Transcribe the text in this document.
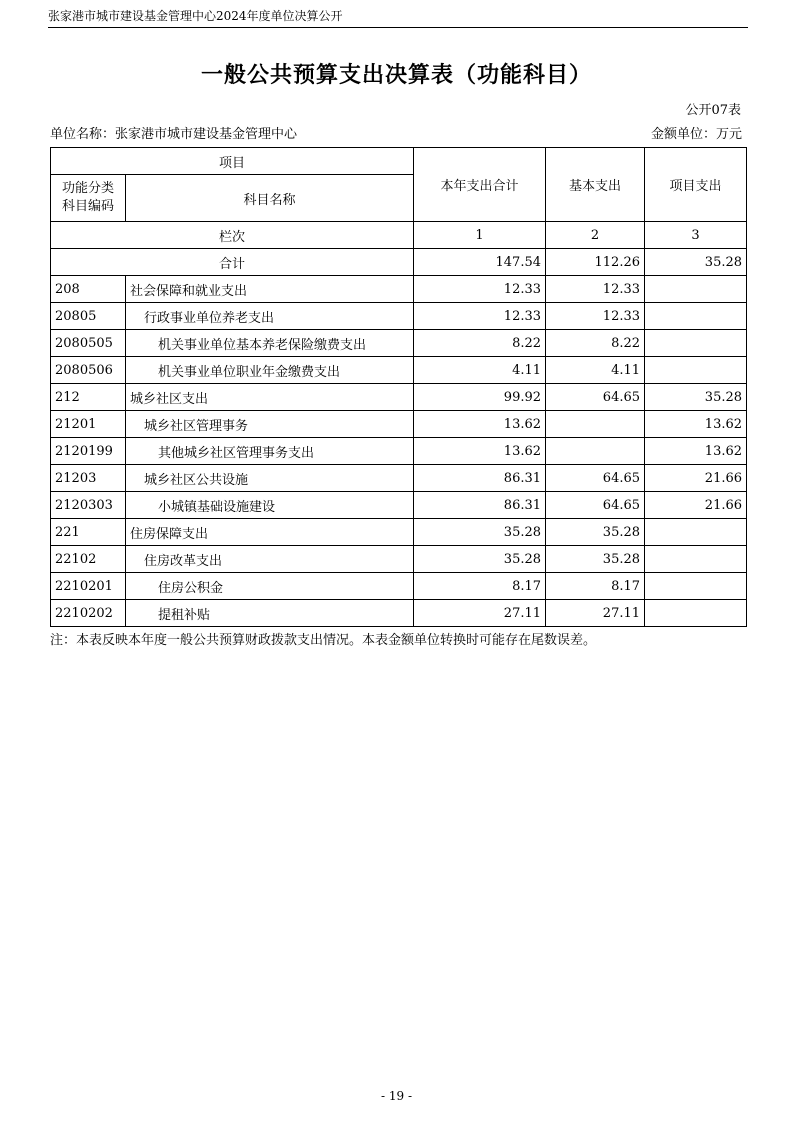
张家港市城市建设基金管理中心2024年度单位决算公开
一般公共预算支出决算表（功能科目）
公开07表
单位名称：张家港市城市建设基金管理中心	金额单位：万元
项目		本年支出合计	基本支出	项目支出

功能分类
科目编码	科目名称			
栏次		1	2	3
合计		147.54	112.26	35.28
208	社会保障和就业支出	12.33	12.33	
20805	行政事业单位养老支出	12.33	12.33	
2080505	机关事业单位基本养老保险缴费支出	8.22	8.22	
2080506	机关事业单位职业年金缴费支出	4.11	4.11	
212	城乡社区支出	99.92	64.65	35.28
21201	城乡社区管理事务	13.62		13.62
2120199	其他城乡社区管理事务支出	13.62		13.62
21203	城乡社区公共设施	86.31	64.65	21.66
2120303	小城镇基础设施建设	86.31	64.65	21.66
221	住房保障支出	35.28	35.28	
22102	住房改革支出	35.28	35.28	
2210201	住房公积金	8.17	8.17	
2210202	提租补贴	27.11	27.11	
注：本表反映本年度一般公共预算财政拨款支出情况。本表金额单位转换时可能存在尾数误差。
- 19 -
